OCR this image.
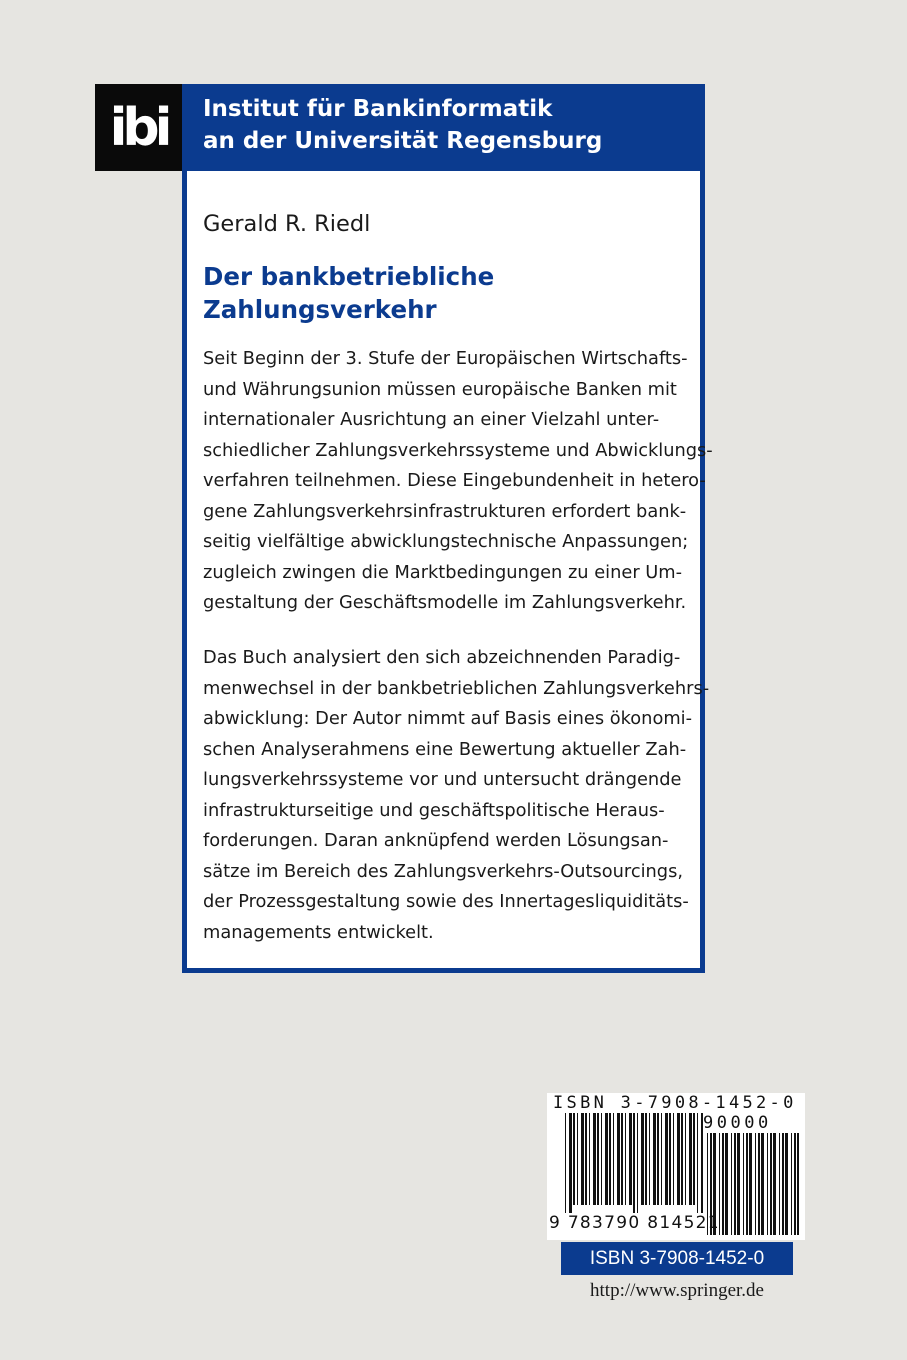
ibi Institut für Bankinformatik
an der Universität Regensburg
Gerald R. Riedl
Der bankbetriebliche
Zahlungsverkehr
Seit Beginn der 3. Stufe der Europäischen Wirtschafts-
und Währungsunion müssen europäische Banken mit
internationaler Ausrichtung an einer Vielzahl unter-
schiedlicher Zahlungsverkehrssysteme und Abwicklungs-
verfahren teilnehmen. Diese Eingebundenheit in hetero-
gene Zahlungsverkehrsinfrastrukturen erfordert bank-
seitig vielfältige abwicklungstechnische Anpassungen;
zugleich zwingen die Marktbedingungen zu einer Um-
gestaltung der Geschäftsmodelle im Zahlungsverkehr.
Das Buch analysiert den sich abzeichnenden Paradig-
menwechsel in der bankbetrieblichen Zahlungsverkehrs-
abwicklung: Der Autor nimmt auf Basis eines ökonomi-
schen Analyserahmens eine Bewertung aktueller Zah-
lungsverkehrssysteme vor und untersucht drängende
infrastrukturseitige und geschäftspolitische Heraus-
forderungen. Daran anknüpfend werden Lösungsan-
sätze im Bereich des Zahlungsverkehrs-Outsourcings,
der Prozessgestaltung sowie des Innertagesliquiditäts-
managements entwickelt.
ISBN 3-7908-1452-0
90000
9 783790 814521
ISBN 3-7908-1452-0
http://www.springer.de
